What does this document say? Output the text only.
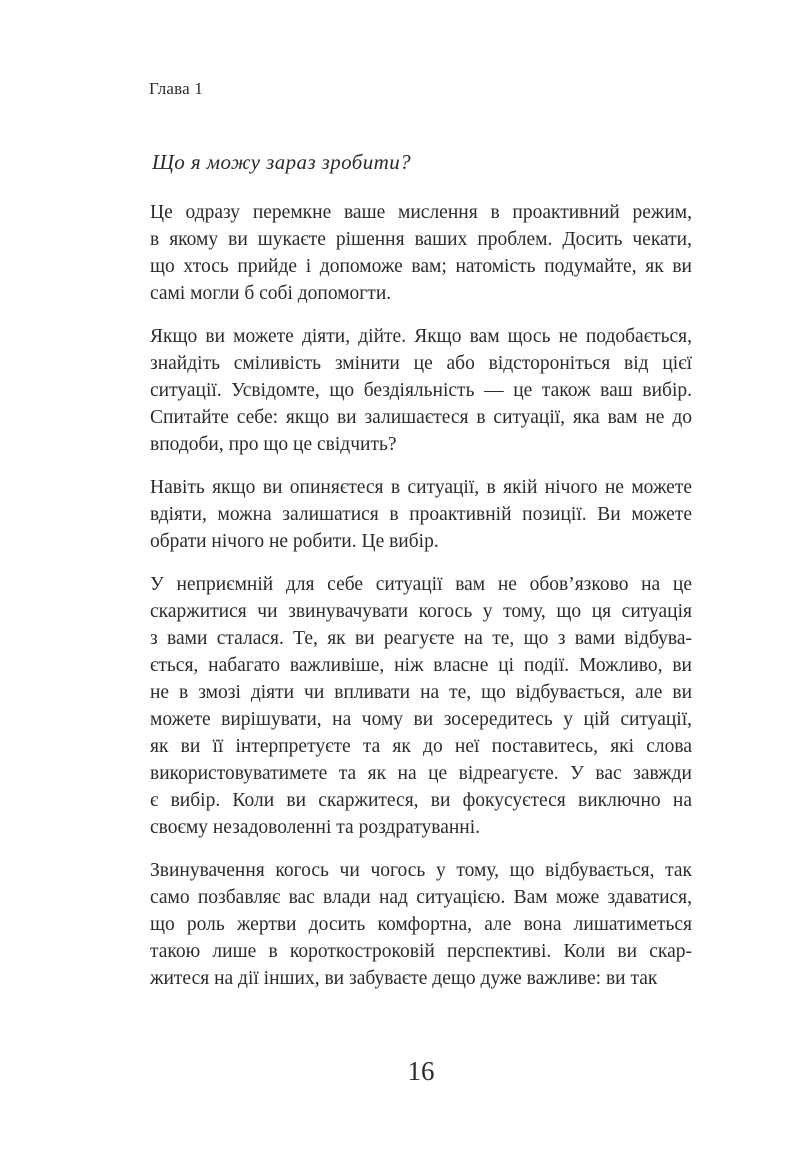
Глава 1
Що я можу зараз зробити?
Це одразу перемкне ваше мислення в проактивний режим,
в якому ви шукаєте рішення ваших проблем. Досить чекати,
що хтось прийде і допоможе вам; натомість подумайте, як ви
самі могли б собі допомогти.
Якщо ви можете діяти, дійте. Якщо вам щось не подобається,
знайдіть сміливість змінити це або відстороніться від цієї
ситуації. Усвідомте, що бездіяльність — це також ваш вибір.
Спитайте себе: якщо ви залишаєтеся в ситуації, яка вам не до
вподоби, про що це свідчить?
Навіть якщо ви опиняєтеся в ситуації, в якій нічого не можете
вдіяти, можна залишатися в проактивній позиції. Ви можете
обрати нічого не робити. Це вибір.
У неприємній для себе ситуації вам не обов’язково на це
скаржитися чи звинувачувати когось у тому, що ця ситуація
з вами сталася. Те, як ви реагуєте на те, що з вами відбува-
ється, набагато важливіше, ніж власне ці події. Можливо, ви
не в змозі діяти чи впливати на те, що відбувається, але ви
можете вирішувати, на чому ви зосередитесь у цій ситуації,
як ви її інтерпретуєте та як до неї поставитесь, які слова
використовуватимете та як на це відреагуєте. У вас завжди
є вибір. Коли ви скаржитеся, ви фокусуєтеся виключно на
своєму незадоволенні та роздратуванні.
Звинувачення когось чи чогось у тому, що відбувається, так
само позбавляє вас влади над ситуацією. Вам може здаватися,
що роль жертви досить комфортна, але вона лишатиметься
такою лише в короткостроковій перспективі. Коли ви скар-
житеся на дії інших, ви забуваєте дещо дуже важливе: ви так
16
